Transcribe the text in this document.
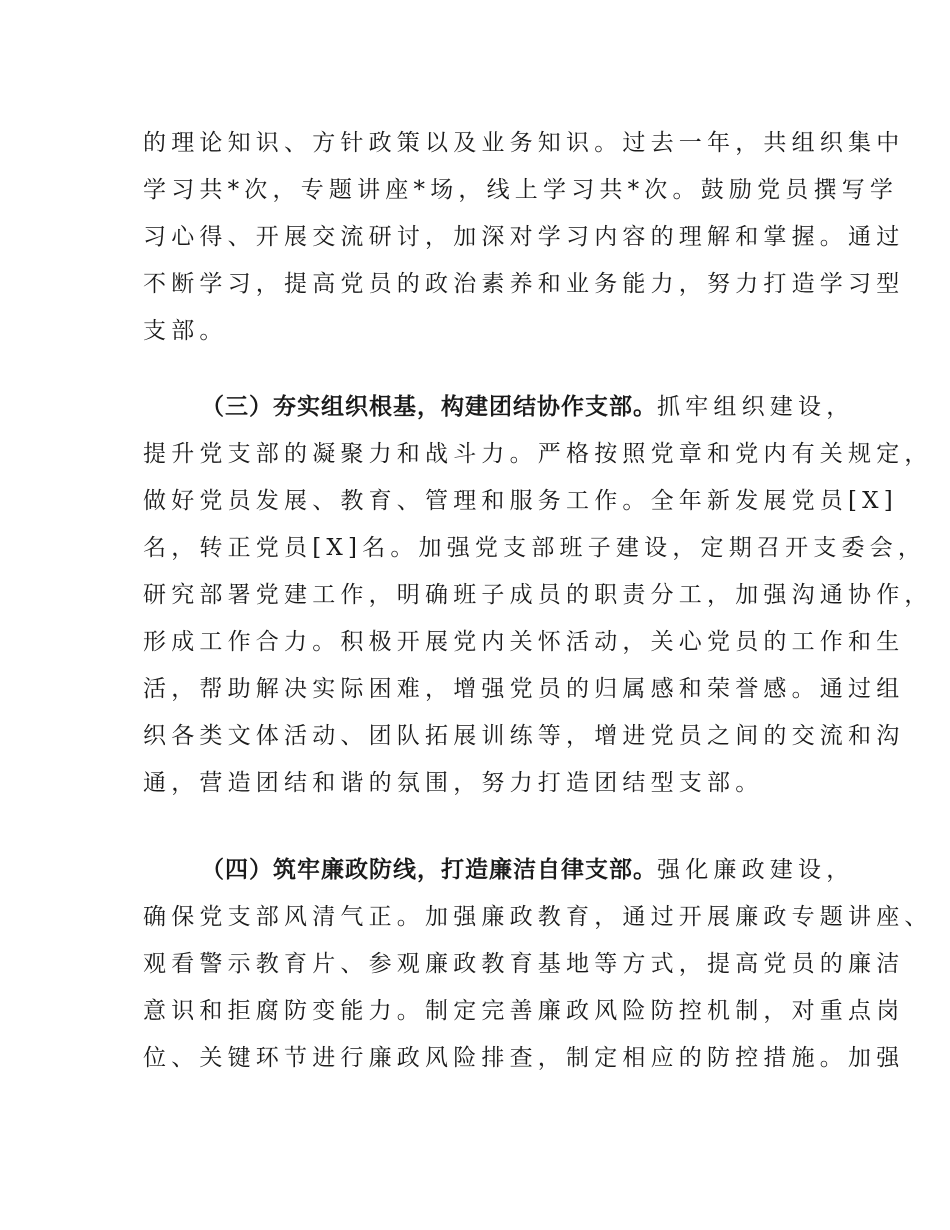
的理论知识、方针政策以及业务知识。过去一年，共组织集中
学习共*次，专题讲座*场，线上学习共*次。鼓励党员撰写学
习心得、开展交流研讨，加深对学习内容的理解和掌握。通过
不断学习，提高党员的政治素养和业务能力，努力打造学习型
支部。
（三）夯实组织根基，构建团结协作支部。抓牢组织建设，
提升党支部的凝聚力和战斗力。严格按照党章和党内有关规定，
做好党员发展、教育、管理和服务工作。全年新发展党员[X]
名，转正党员[X]名。加强党支部班子建设，定期召开支委会，
研究部署党建工作，明确班子成员的职责分工，加强沟通协作，
形成工作合力。积极开展党内关怀活动，关心党员的工作和生
活，帮助解决实际困难，增强党员的归属感和荣誉感。通过组
织各类文体活动、团队拓展训练等，增进党员之间的交流和沟
通，营造团结和谐的氛围，努力打造团结型支部。
（四）筑牢廉政防线，打造廉洁自律支部。强化廉政建设，
确保党支部风清气正。加强廉政教育，通过开展廉政专题讲座、
观看警示教育片、参观廉政教育基地等方式，提高党员的廉洁
意识和拒腐防变能力。制定完善廉政风险防控机制，对重点岗
位、关键环节进行廉政风险排查，制定相应的防控措施。加强
